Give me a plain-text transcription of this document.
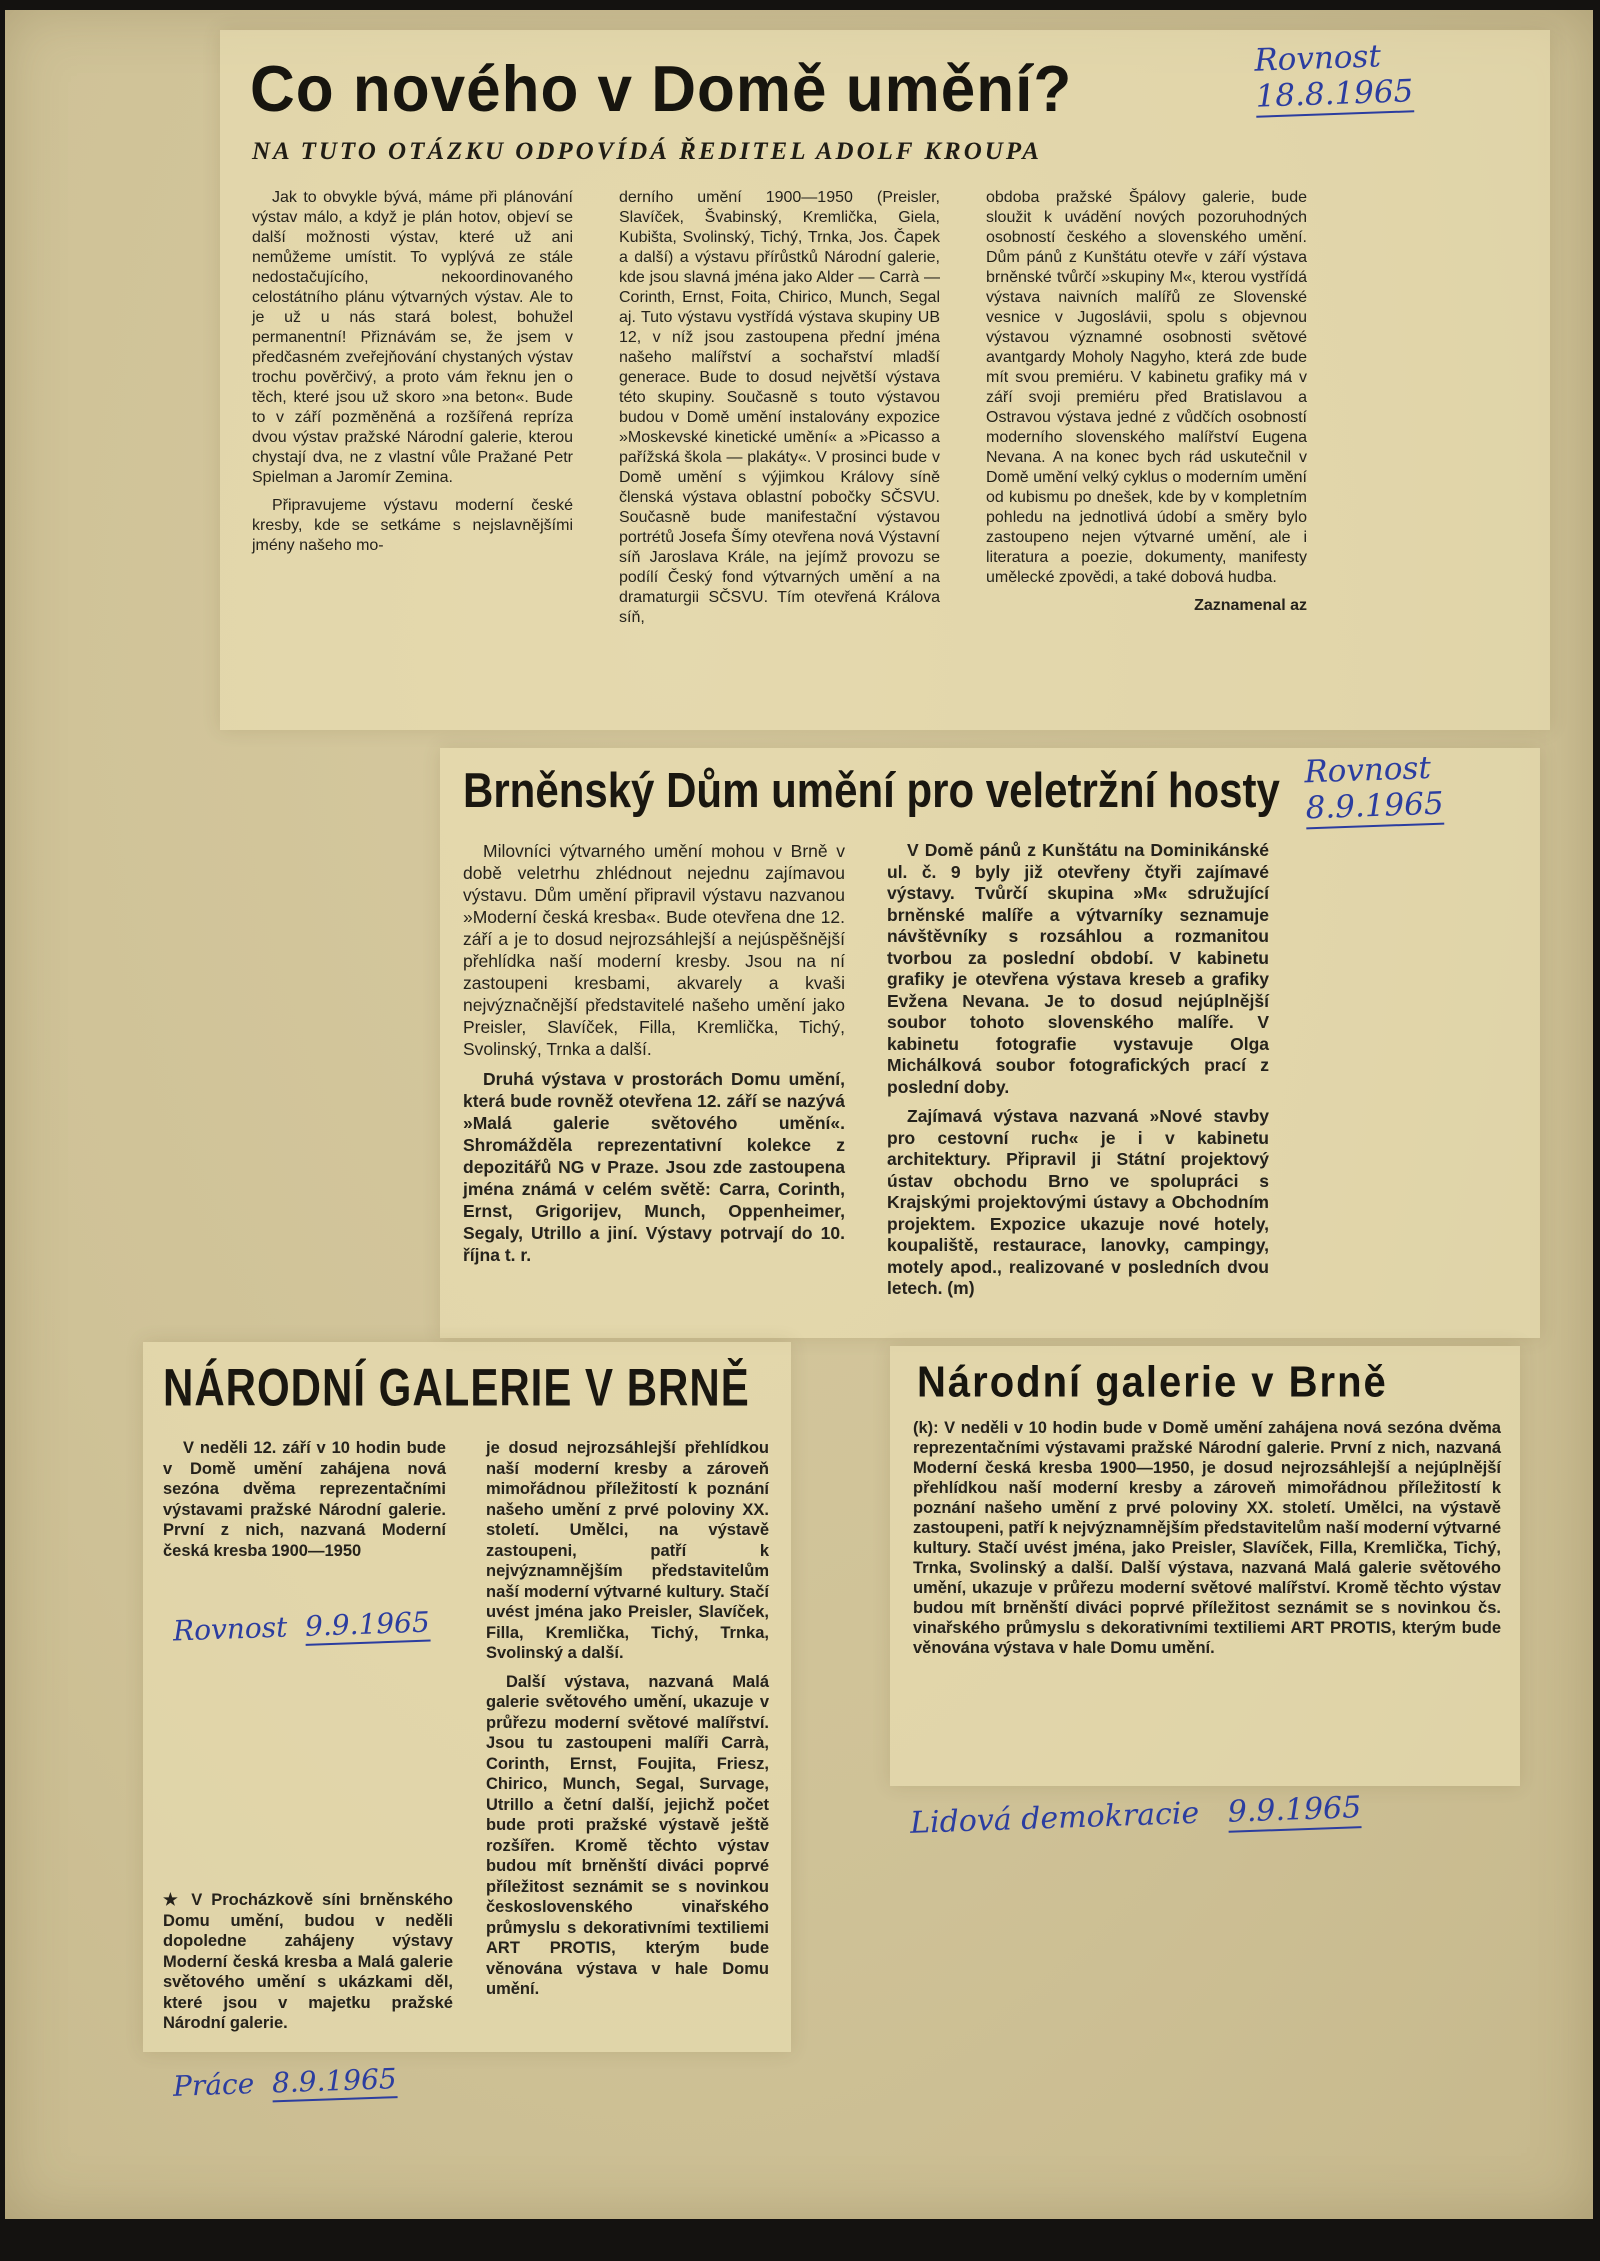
Co nového v Domě umění?	Rovnost
18.8.1965
NA TUTO OTÁZKU ODPOVÍDÁ ŘEDITEL ADOLF KROUPA

Jak to obvykle bývá, máme při plánování výstav málo, a když je plán hotov, objeví se další možnosti výstav, které už ani nemůžeme umístit. To vyplývá ze stále nedostačujícího, nekoordinovaného celostátního plánu výtvarných výstav. Ale to je už u nás stará bolest, bohužel permanentní! Přiznávám se, že jsem v předčasném zveřejňování chystaných výstav trochu pověrčivý, a proto vám řeknu jen o těch, které jsou už skoro »na beton«. Bude to v září pozměněná a rozšířená repríza dvou výstav pražské Národní galerie, kterou chystají dva, ne z vlastní vůle Pražané Petr Spielman a Jaromír Zemina.

Připravujeme výstavu moderní české kresby, kde se setkáme s nejslavnějšími jmény našeho mo-

derního umění 1900—1950 (Preisler, Slavíček, Švabinský, Kremlička, Giela, Kubišta, Svolinský, Tichý, Trnka, Jos. Čapek a další) a výstavu přírůstků Národní galerie, kde jsou slavná jména jako Alder — Carrà — Corinth, Ernst, Foita, Chirico, Munch, Segal aj. Tuto výstavu vystřídá výstava skupiny UB 12, v níž jsou zastoupena přední jména našeho malířství a sochařství mladší generace. Bude to dosud největší výstava této skupiny. Současně s touto výstavou budou v Domě umění instalovány expozice »Moskevské kinetické umění« a »Picasso a pařížská škola — plakáty«. V prosinci bude v Domě umění s výjimkou Královy síně členská výstava oblastní pobočky SČSVU. Současně bude manifestační výstavou portrétů Josefa Šímy otevřena nová Výstavní síň Jaroslava Krále, na jejímž provozu se podílí Český fond výtvarných umění a na dramaturgii SČSVU. Tím otevřená Králova síň,

obdoba pražské Špálovy galerie, bude sloužit k uvádění nových pozoruhodných osobností českého a slovenského umění. Dům pánů z Kunštátu otevře v září výstava brněnské tvůrčí »skupiny M«, kterou vystřídá výstava naivních malířů ze Slovenské vesnice v Jugoslávii, spolu s objevnou výstavou významné osobnosti světové avantgardy Moholy Nagyho, která zde bude mít svou premiéru. V kabinetu grafiky má v září svoji premiéru před Bratislavou a Ostravou výstava jedné z vůdčích osobností moderního slovenského malířství Eugena Nevana. A na konec bych rád uskutečnil v Domě umění velký cyklus o moderním umění od kubismu po dnešek, kde by v kompletním pohledu na jednotlivá údobí a směry bylo zastoupeno nejen výtvarné umění, ale i literatura a poezie, dokumenty, manifesty umělecké zpovědi, a také dobová hudba.

Zaznamenal az

Brněnský Dům umění pro veletržní hosty Rovnost
8.9.1965

Milovníci výtvarného umění mohou v Brně v době veletrhu zhlédnout nejednu zajímavou výstavu. Dům umění připravil výstavu nazvanou »Moderní česká kresba«. Bude otevřena dne 12. září a je to dosud nejrozsáhlejší a nejúspěšnější přehlídka naší moderní kresby. Jsou na ní zastoupeni kresbami, akvarely a kvaši nejvýznačnější představitelé našeho umění jako Preisler, Slavíček, Filla, Kremlička, Tichý, Svolinský, Trnka a další.

Druhá výstava v prostorách Domu umění, která bude rovněž otevřena 12. září se nazývá »Malá galerie světového umění«. Shromážděla reprezentativní kolekce z depozitářů NG v Praze. Jsou zde zastoupena jména známá v celém světě: Carra, Corinth, Ernst, Grigorijev, Munch, Oppenheimer, Segaly, Utrillo a jiní. Výstavy potrvají do 10. října t. r.

V Domě pánů z Kunštátu na Dominikánské ul. č. 9 byly již otevřeny čtyři zajímavé výstavy. Tvůrčí skupina »M« sdružující brněnské malíře a výtvarníky seznamuje návštěvníky s rozsáhlou a rozmanitou tvorbou za poslední období. V kabinetu grafiky je otevřena výstava kreseb a grafiky Evžena Nevana. Je to dosud nejúplnější soubor tohoto slovenského malíře. V kabinetu fotografie vystavuje Olga Michálková soubor fotografických prací z poslední doby.

Zajímavá výstava nazvaná »Nové stavby pro cestovní ruch« je i v kabinetu architektury. Připravil ji Státní projektový ústav obchodu Brno ve spolupráci s Krajskými projektovými ústavy a Obchodním projektem. Expozice ukazuje nové hotely, koupaliště, restaurace, lanovky, campingy, motely apod., realizované v posledních dvou letech. (m)

NÁRODNÍ GALERIE V BRNĚ

V neděli 12. září v 10 hodin bude v Domě umění zahájena nová sezóna dvěma reprezentačními výstavami pražské Národní galerie. První z nich, nazvaná Moderní česká kresba 1900—1950

je dosud nejrozsáhlejší přehlídkou naší moderní kresby a zároveň mimořádnou příležitostí k poznání našeho umění z prvé poloviny XX. století. Umělci, na výstavě zastoupeni, patří k nejvýznamnějším představitelům naší moderní výtvarné kultury. Stačí uvést jména jako Preisler, Slavíček, Filla, Kremlička, Tichý, Trnka, Svolinský a další.

Další výstava, nazvaná Malá galerie světového umění, ukazuje v průřezu moderní světové malířství. Jsou tu zastoupeni malíři Carrà, Corinth, Ernst, Foujita, Friesz, Chirico, Munch, Segal, Survage, Utrillo a četní další, jejichž počet bude proti pražské výstavě ještě rozšířen. Kromě těchto výstav budou mít brněnští diváci poprvé příležitost seznámit se s novinkou československého vinařského průmyslu s dekorativními textiliemi ART PROTIS, kterým bude věnována výstava v hale Domu umění.

Rovnost 9.9.1965

★ V Procházkově síni brněnského Domu umění, budou v neděli dopoledne zahájeny výstavy Moderní česká kresba a Malá galerie světového umění s ukázkami děl, které jsou v majetku pražské Národní galerie.

Práce 8.9.1965
Národní galerie v Brně

(k): V neděli v 10 hodin bude v Domě umění zahájena nová sezóna dvěma reprezentačními výstavami pražské Národní galerie. První z nich, nazvaná Moderní česká kresba 1900—1950, je dosud nejrozsáhlejší a nejúplnější přehlídkou naší moderní kresby a zároveň mimořádnou příležitostí k poznání našeho umění z prvé poloviny XX. století. Umělci, na výstavě zastoupeni, patří k nejvýznamnějším představitelům naší moderní výtvarné kultury. Stačí uvést jména, jako Preisler, Slavíček, Filla, Kremlička, Tichý, Trnka, Svolinský a další. Další výstava, nazvaná Malá galerie světového umění, ukazuje v průřezu moderní světové malířství. Kromě těchto výstav budou mít brněnští diváci poprvé příležitost seznámit se s novinkou čs. vinařského průmyslu s dekorativními textiliemi ART PROTIS, kterým bude věnována výstava v hale Domu umění.

Lidová demokracie 9.9.1965
